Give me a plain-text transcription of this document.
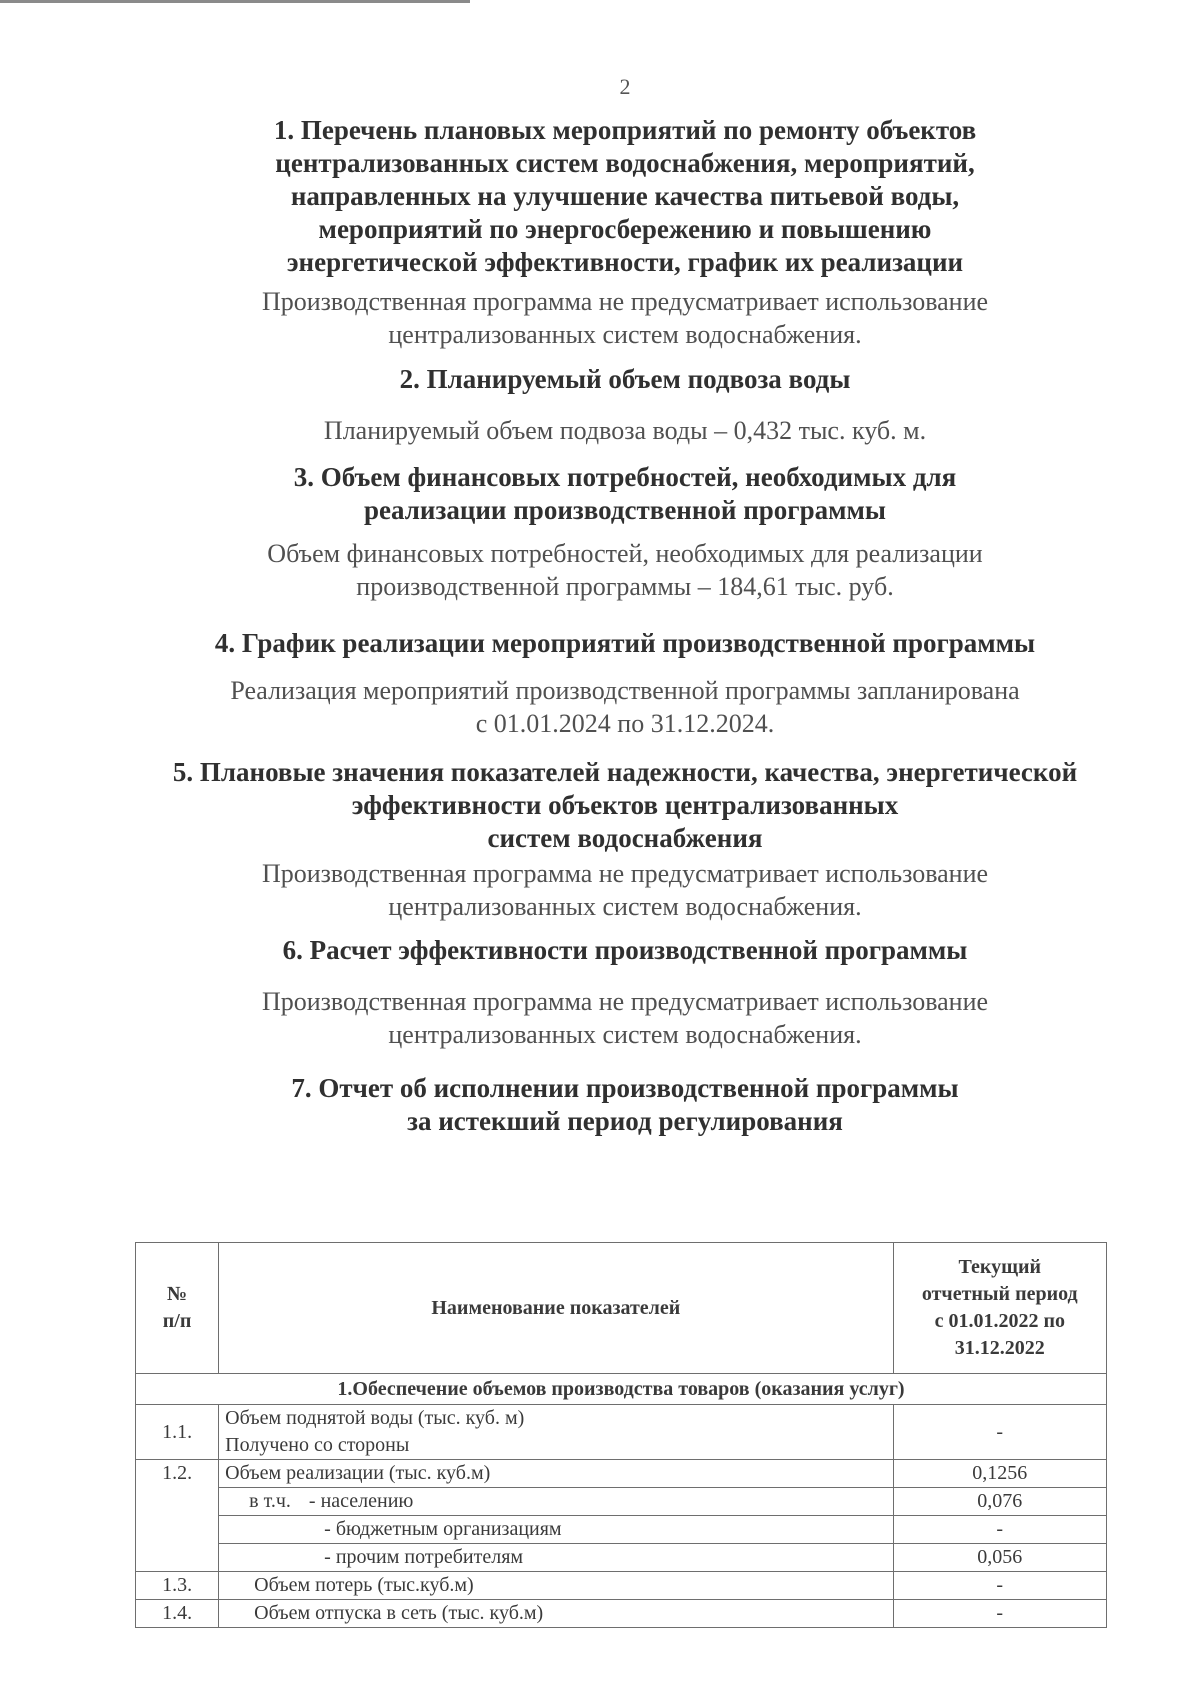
2
1. Перечень плановых мероприятий по ремонту объектов
централизованных систем водоснабжения, мероприятий,
направленных на улучшение качества питьевой воды,
мероприятий по энергосбережению и повышению
энергетической эффективности, график их реализации
Производственная программа не предусматривает использование
централизованных систем водоснабжения.
2. Планируемый объем подвоза воды
Планируемый объем подвоза воды – 0,432 тыс. куб. м.
3. Объем финансовых потребностей, необходимых для
реализации производственной программы
Объем финансовых потребностей, необходимых для реализации
производственной программы – 184,61 тыс. руб.
4. График реализации мероприятий производственной программы
Реализация мероприятий производственной программы запланирована
с 01.01.2024 по 31.12.2024.
5. Плановые значения показателей надежности, качества, энергетической
эффективности объектов централизованных
систем водоснабжения
Производственная программа не предусматривает использование
централизованных систем водоснабжения.
6. Расчет эффективности производственной программы
Производственная программа не предусматривает использование
централизованных систем водоснабжения.
7. Отчет об исполнении производственной программы
за истекший период регулирования
№
п/п	Наименование показателей	Текущий
отчетный период
с 01.01.2022 по
31.12.2022
1.Обеспечение объемов производства товаров (оказания услуг)		
1.1.	Объем поднятой воды (тыс. куб. м)	-
	Получено со стороны	
1.2.	Объем реализации (тыс. куб.м)	0,1256
	в т.ч. - населению	0,076
	- бюджетным организациям	-
	- прочим потребителям	0,056
1.3.	Объем потерь (тыс.куб.м)	-
1.4.	Объем отпуска в сеть (тыс. куб.м)	-
